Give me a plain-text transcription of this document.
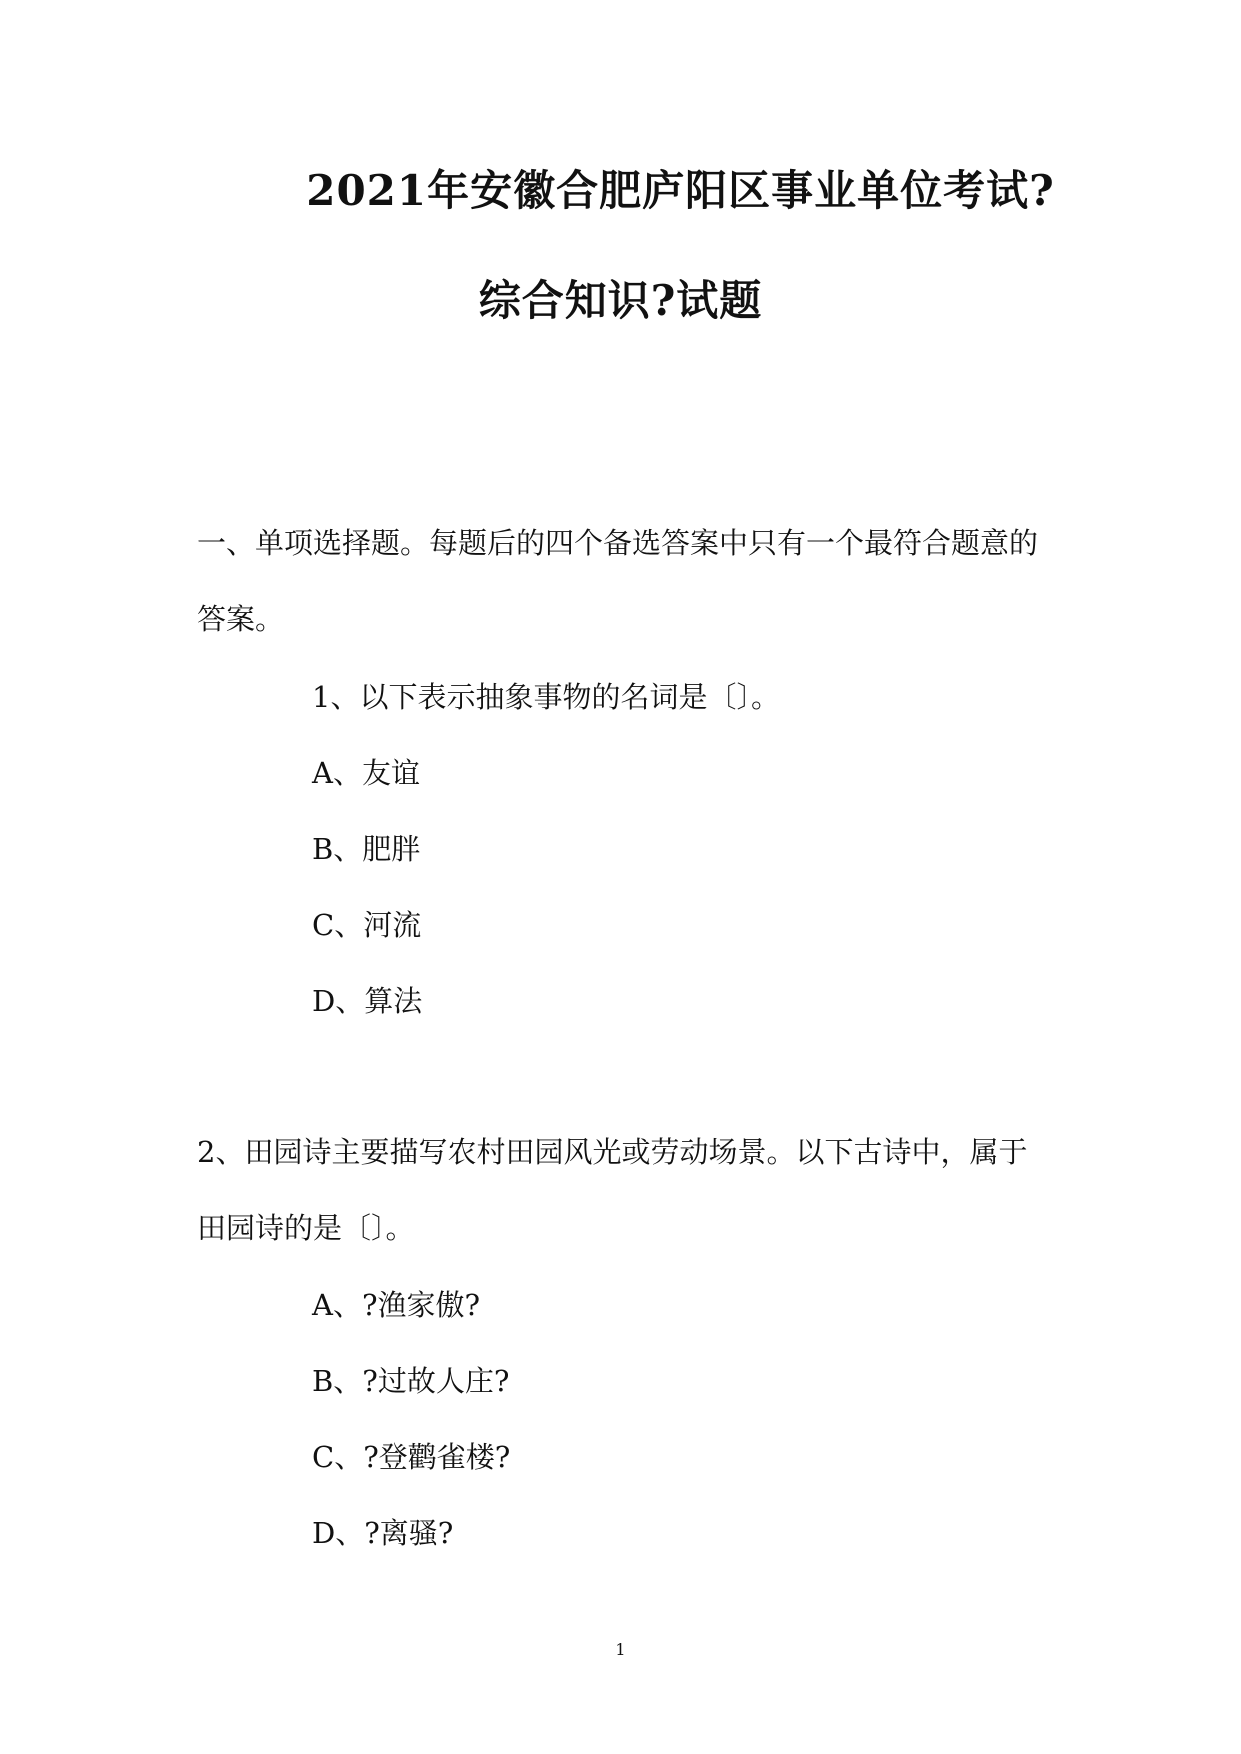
2021年安徽合肥庐阳区事业单位考试?
综合知识?试题
一、单项选择题。每题后的四个备选答案中只有一个最符合题意的
答案。
1、以下表示抽象事物的名词是〔〕。
A、友谊
B、肥胖
C、河流
D、算法
2、田园诗主要描写农村田园风光或劳动场景。以下古诗中，属于
田园诗的是〔〕。
A、?渔家傲?
B、?过故人庄?
C、?登鹳雀楼?
D、?离骚?
1
